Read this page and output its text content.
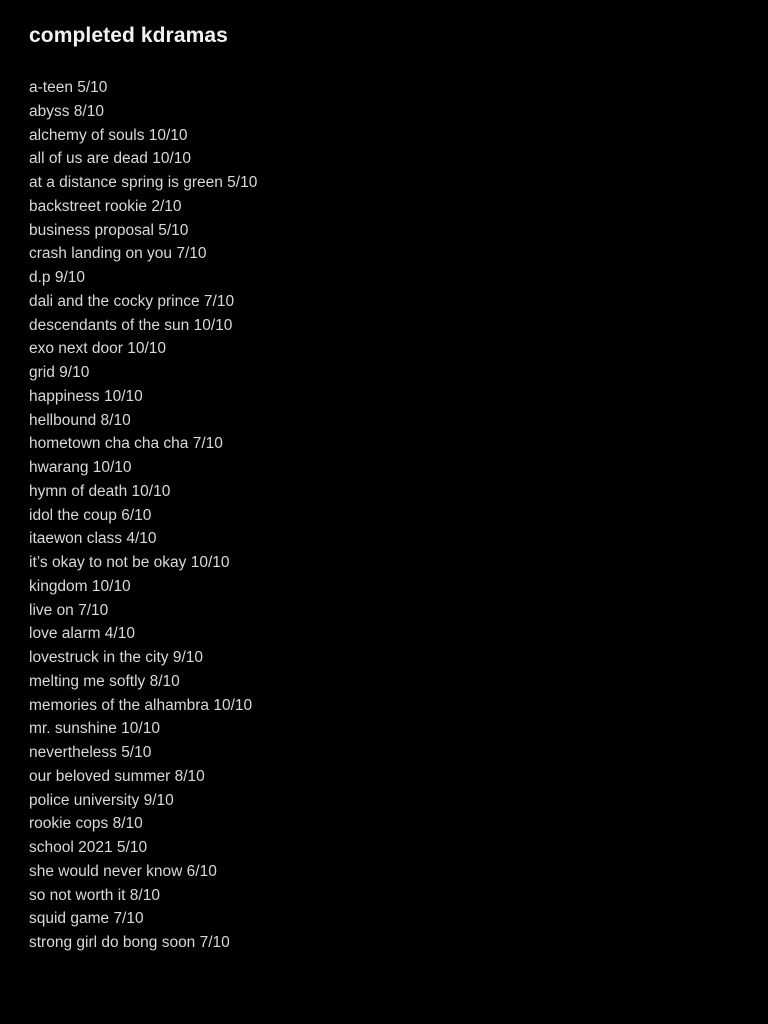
completed kdramas
a-teen 5/10
abyss 8/10
alchemy of souls 10/10
all of us are dead 10/10
at a distance spring is green 5/10
backstreet rookie 2/10
business proposal 5/10
crash landing on you 7/10
d.p 9/10
dali and the cocky prince 7/10
descendants of the sun 10/10
exo next door 10/10
grid 9/10
happiness 10/10
hellbound 8/10
hometown cha cha cha 7/10
hwarang 10/10
hymn of death 10/10
idol the coup 6/10
itaewon class 4/10
it’s okay to not be okay 10/10
kingdom 10/10
live on 7/10
love alarm 4/10
lovestruck in the city 9/10
melting me softly 8/10
memories of the alhambra 10/10
mr. sunshine 10/10
nevertheless 5/10
our beloved summer 8/10
police university 9/10
rookie cops 8/10
school 2021 5/10
she would never know 6/10
so not worth it 8/10
squid game 7/10
strong girl do bong soon 7/10
